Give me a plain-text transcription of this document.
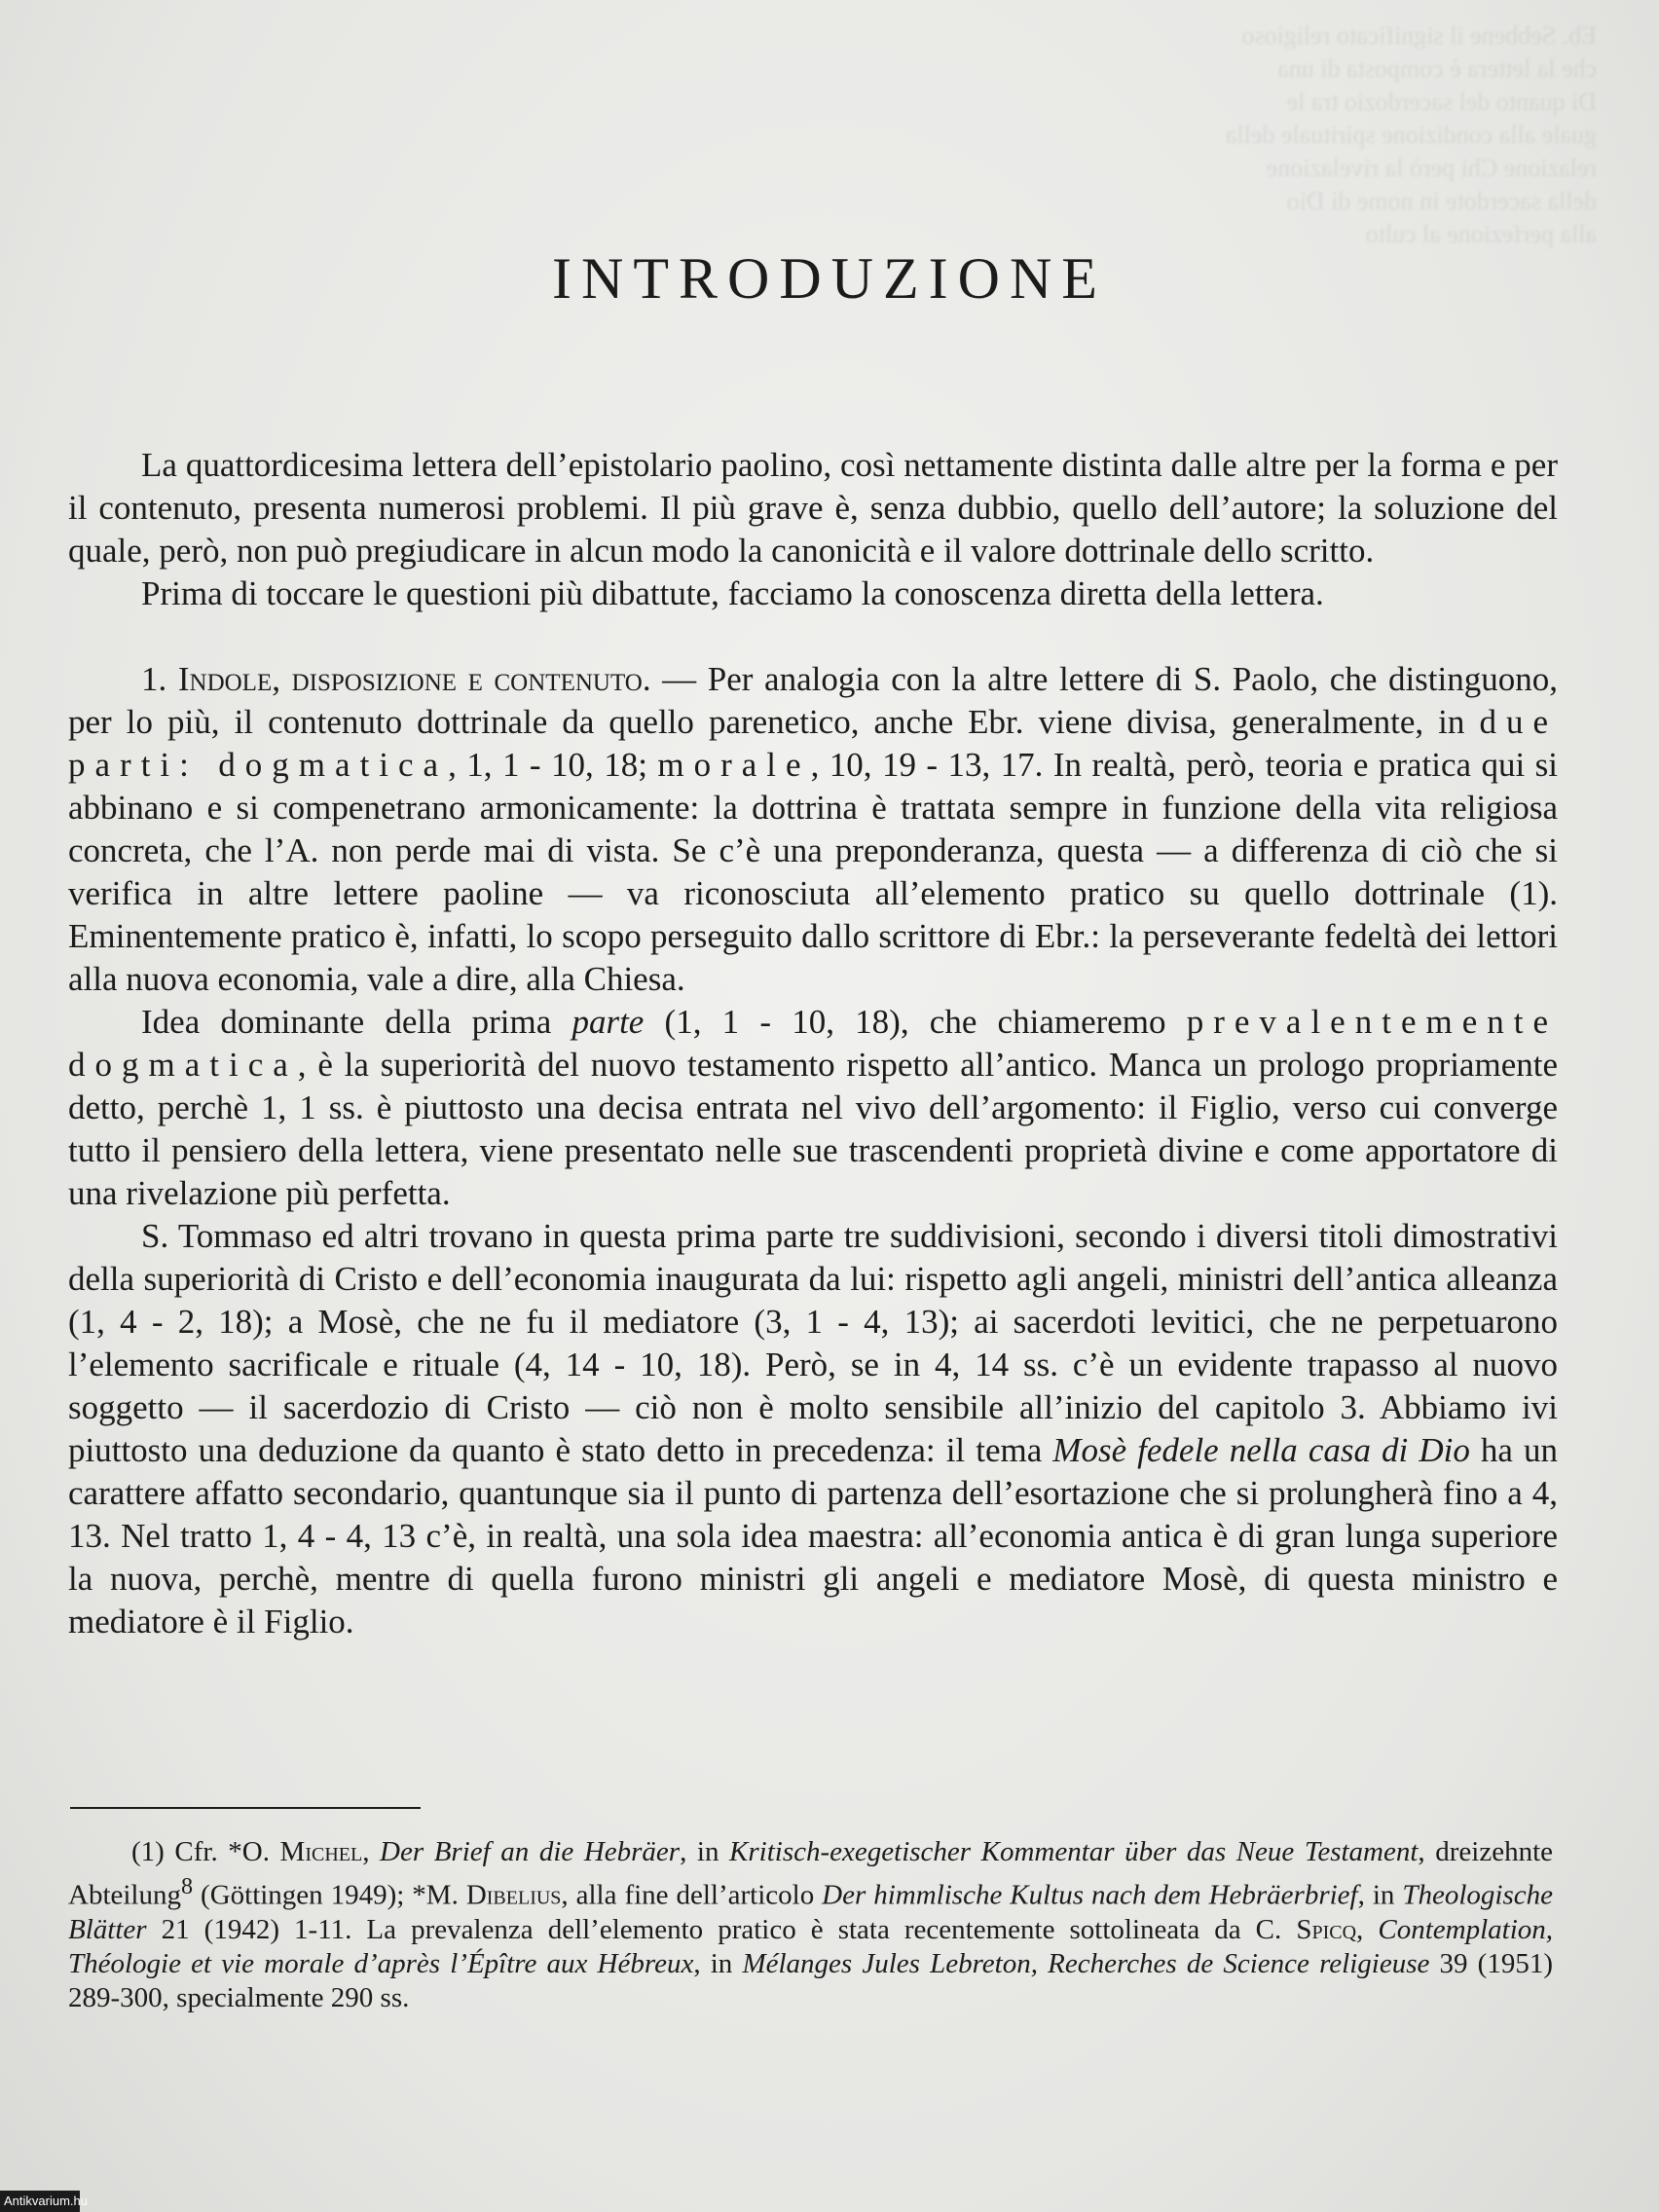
Eb. Sebbene il significato religioso
che la lettera è composta di una
Di quanto del sacerdozio tra le
guale alla condizione spirituale della
relazione Chi però la rivelazione
della sacerdote in nome di Dio
alla perfezione al culto
INTRODUZIONE

La quattordicesima lettera dell’epistolario paolino, così nettamente distinta dalle altre per la forma e per il contenuto, presenta numerosi problemi. Il più grave è, senza dubbio, quello dell’autore; la soluzione del quale, però, non può pregiudicare in alcun modo la canonicità e il valore dottrinale dello scritto.

Prima di toccare le questioni più dibattute, facciamo la conoscenza diretta della lettera.

1. Indole, disposizione e contenuto. — Per analogia con la altre lettere di S. Paolo, che distinguono, per lo più, il contenuto dottrinale da quello parenetico, anche Ebr. viene divisa, generalmente, in due parti: dogmatica, 1, 1 - 10, 18; morale, 10, 19 - 13, 17. In realtà, però, teoria e pratica qui si abbinano e si compenetrano armonicamente: la dottrina è trattata sempre in funzione della vita religiosa concreta, che l’A. non perde mai di vista. Se c’è una preponderanza, questa — a differenza di ciò che si verifica in altre lettere paoline — va riconosciuta all’elemento pratico su quello dottrinale (1). Eminentemente pratico è, infatti, lo scopo perseguito dallo scrittore di Ebr.: la perseverante fedeltà dei lettori alla nuova economia, vale a dire, alla Chiesa.

Idea dominante della prima parte (1, 1 - 10, 18), che chiameremo prevalentemente dogmatica, è la superiorità del nuovo testamento rispetto all’antico. Manca un prologo propriamente detto, perchè 1, 1 ss. è piuttosto una decisa entrata nel vivo dell’argomento: il Figlio, verso cui converge tutto il pensiero della lettera, viene presentato nelle sue trascendenti proprietà divine e come apportatore di una rivelazione più perfetta.

S. Tommaso ed altri trovano in questa prima parte tre suddivisioni, secondo i diversi titoli dimostrativi della superiorità di Cristo e dell’economia inaugurata da lui: rispetto agli angeli, ministri dell’antica alleanza (1, 4 - 2, 18); a Mosè, che ne fu il mediatore (3, 1 - 4, 13); ai sacerdoti levitici, che ne perpetuarono l’elemento sacrificale e rituale (4, 14 - 10, 18). Però, se in 4, 14 ss. c’è un evidente trapasso al nuovo soggetto — il sacerdozio di Cristo — ciò non è molto sensibile all’inizio del capitolo 3. Abbiamo ivi piuttosto una deduzione da quanto è stato detto in precedenza: il tema Mosè fedele nella casa di Dio ha un carattere affatto secondario, quantunque sia il punto di partenza dell’esortazione che si prolungherà fino a 4, 13. Nel tratto 1, 4 - 4, 13 c’è, in realtà, una sola idea maestra: all’economia antica è di gran lunga superiore la nuova, perchè, mentre di quella furono ministri gli angeli e mediatore Mosè, di questa ministro e mediatore è il Figlio.

(1) Cfr. *O. Michel, Der Brief an die Hebräer, in Kritisch-exegetischer Kommentar über das Neue Testament, dreizehnte Abteilung$^8$ (Göttingen 1949); *M. Dibelius, alla fine dell’articolo Der himmlische Kultus nach dem Hebräerbrief, in Theologische Blätter 21 (1942) 1-11. La prevalenza dell’elemento pratico è stata recentemente sottolineata da C. Spicq, Contemplation, Théologie et vie morale d’après l’Épître aux Hébreux, in Mélanges Jules Lebreton, Recherches de Science religieuse 39 (1951) 289-300, specialmente 290 ss.

Antikvarium.hu
